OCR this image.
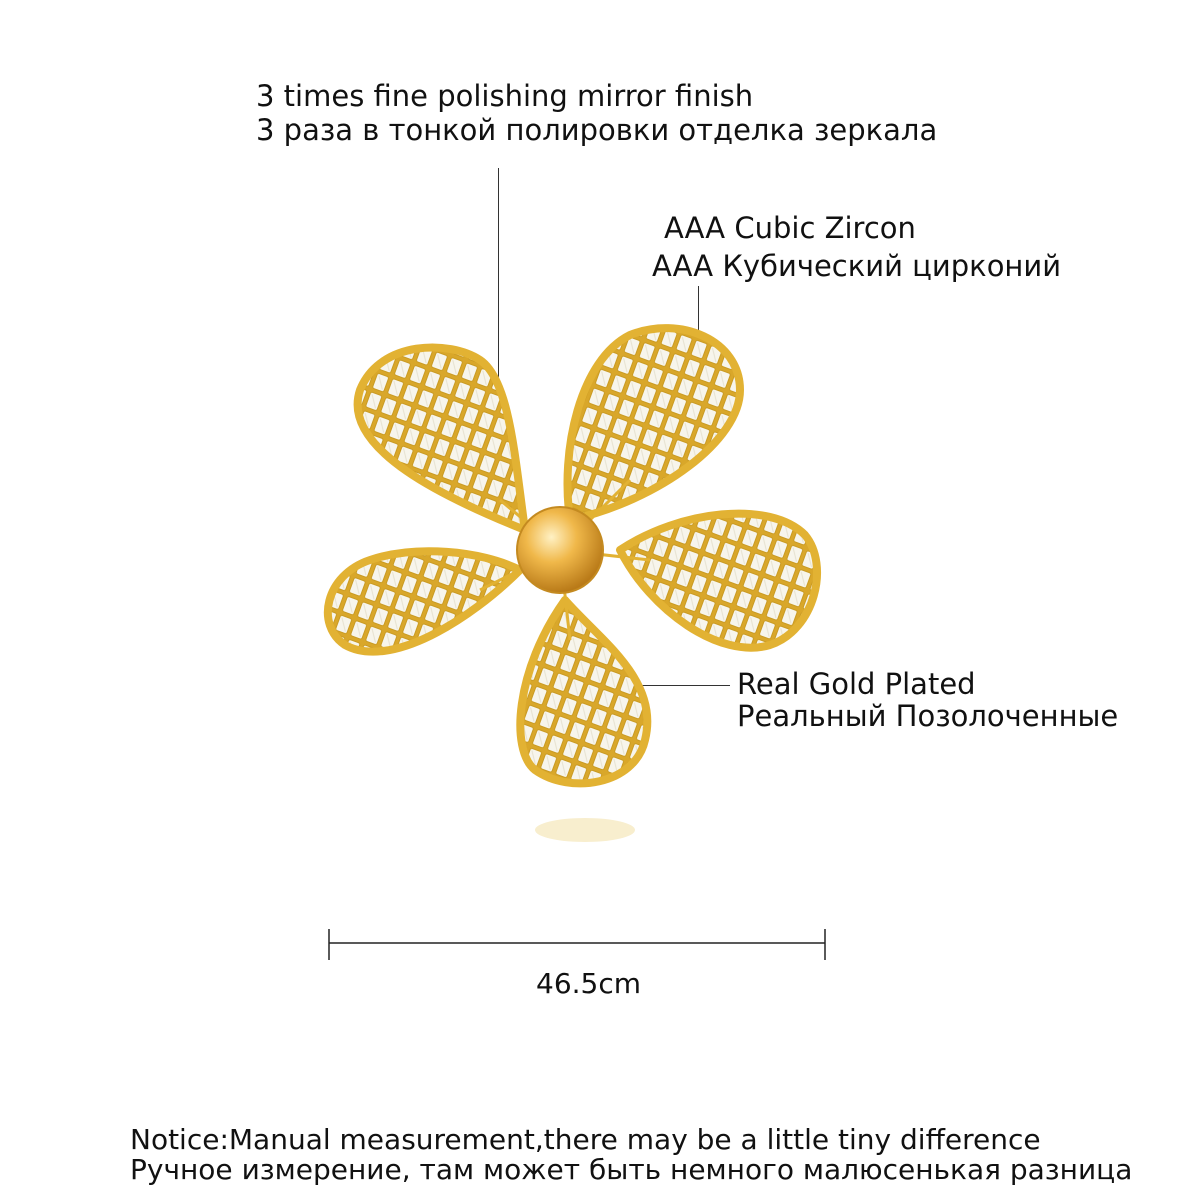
3 times fine polishing mirror finish
3 раза в тонкой полировки отделка зеркала
AAA Cubic Zircon
AAA Кубический цирконий
Real Gold Plated
Реальный Позолоченные
46.5cm
Notice:Manual measurement,there may be a little tiny difference
Ручное измерение, там может быть немного малюсенькая разница
